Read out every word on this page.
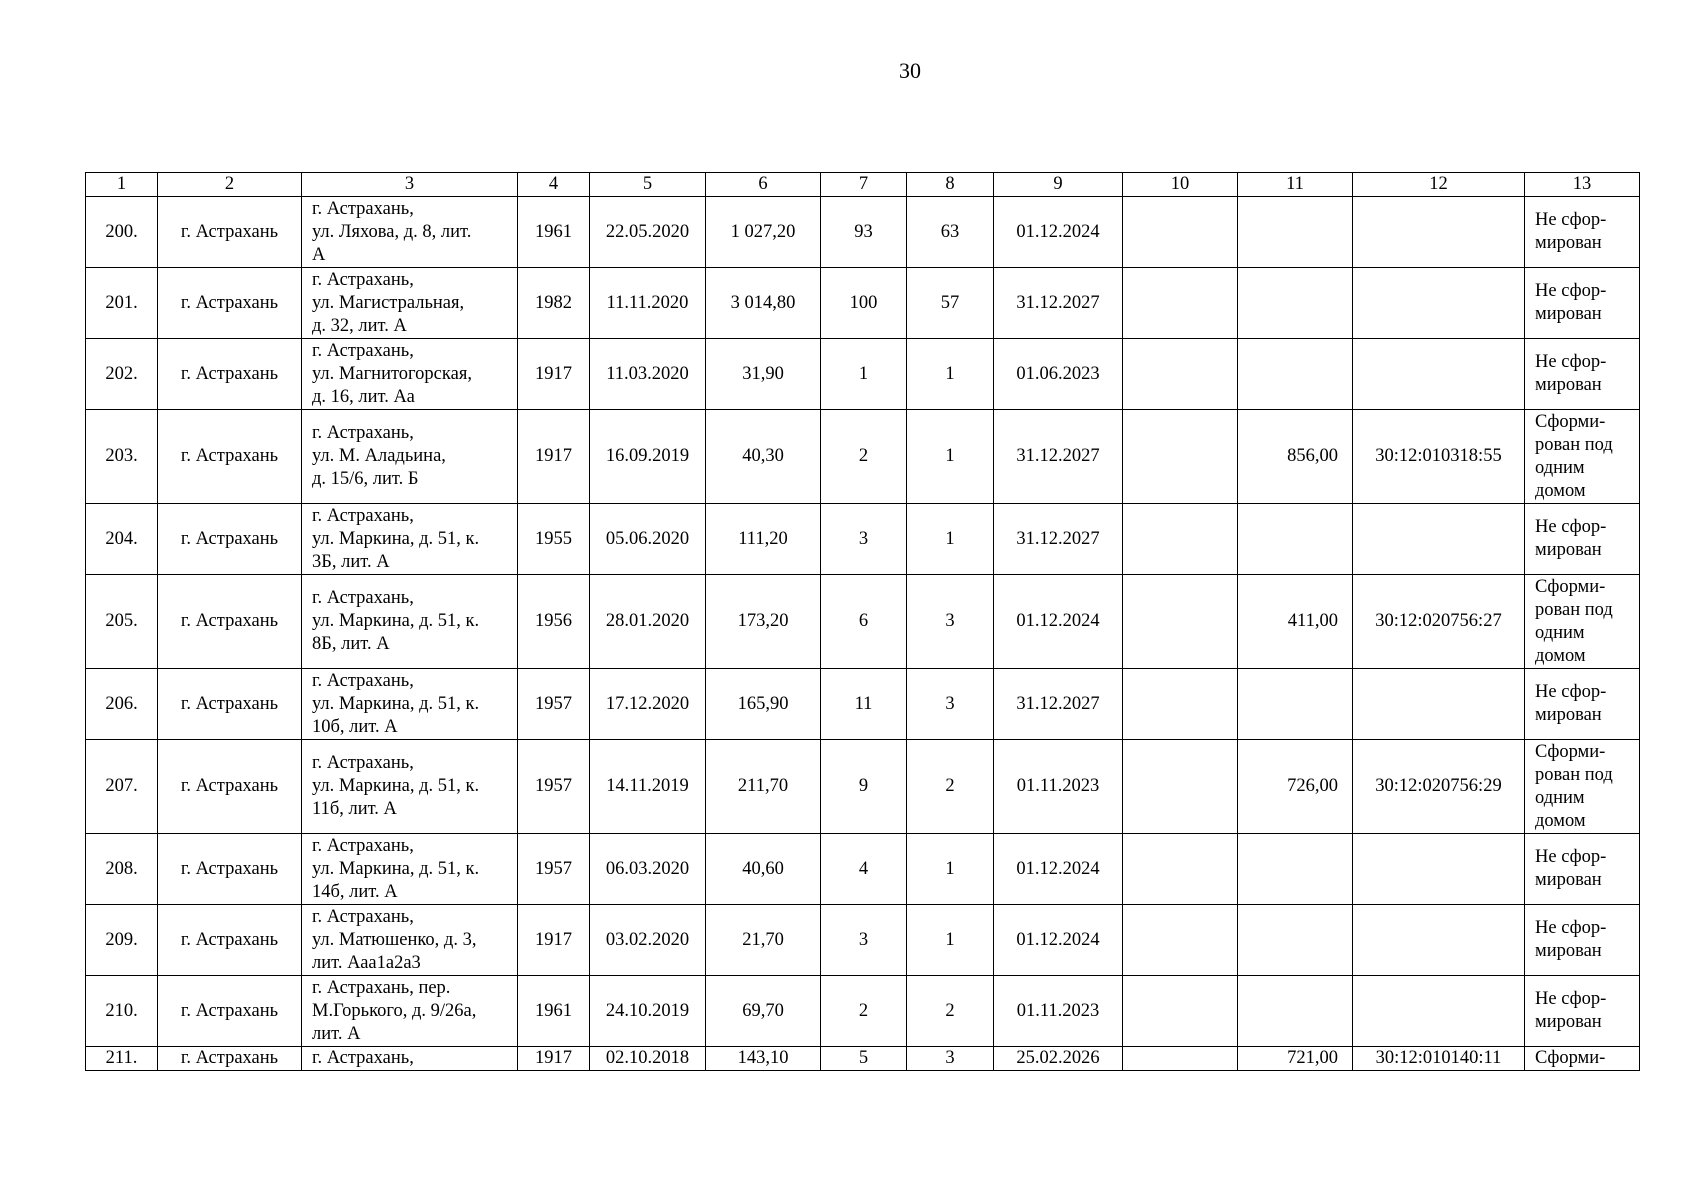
30
1	2	3	4	5	6	7	8	9	10	11	12	13
200.	г. Астрахань	г. Астрахань,
ул. Ляхова, д. 8, лит.
А	1961	22.05.2020	1 027,20	93	63	01.12.2024				Не сфор-
мирован

201.	г. Астрахань	г. Астрахань,
ул. Магистральная,
д. 32, лит. А	1982	11.11.2020	3 014,80	100	57	31.12.2027				Не сфор-
мирован

202.	г. Астрахань	г. Астрахань,
ул. Магнитогорская,
д. 16, лит. Аа	1917	11.03.2020	31,90	1	1	01.06.2023				Не сфор-
мирован

203.	г. Астрахань	г. Астрахань,
ул. М. Аладьина,
д. 15/6, лит. Б	1917	16.09.2019	40,30	2	1	31.12.2027		856,00	30:12:010318:55	Сформи-
рован под
одним
домом

204.	г. Астрахань	г. Астрахань,
ул. Маркина, д. 51, к.
3Б, лит. А	1955	05.06.2020	111,20	3	1	31.12.2027				Не сфор-
мирован

205.	г. Астрахань	г. Астрахань,
ул. Маркина, д. 51, к.
8Б, лит. А	1956	28.01.2020	173,20	6	3	01.12.2024		411,00	30:12:020756:27	Сформи-
рован под
одним
домом

206.	г. Астрахань	г. Астрахань,
ул. Маркина, д. 51, к.
10б, лит. А	1957	17.12.2020	165,90	11	3	31.12.2027				Не сфор-
мирован

207.	г. Астрахань	г. Астрахань,
ул. Маркина, д. 51, к.
11б, лит. А	1957	14.11.2019	211,70	9	2	01.11.2023		726,00	30:12:020756:29	Сформи-
рован под
одним
домом

208.	г. Астрахань	г. Астрахань,
ул. Маркина, д. 51, к.
14б, лит. А	1957	06.03.2020	40,60	4	1	01.12.2024				Не сфор-
мирован

209.	г. Астрахань	г. Астрахань,
ул. Матюшенко, д. 3,
лит. Ааа1а2а3	1917	03.02.2020	21,70	3	1	01.12.2024				Не сфор-
мирован

210.	г. Астрахань	г. Астрахань, пер.
М.Горького, д. 9/26а,
лит. А	1961	24.10.2019	69,70	2	2	01.11.2023				Не сфор-
мирован

211.	г. Астрахань	г. Астрахань,	1917	02.10.2018	143,10	5	3	25.02.2026		721,00	30:12:010140:11	Сформи-
